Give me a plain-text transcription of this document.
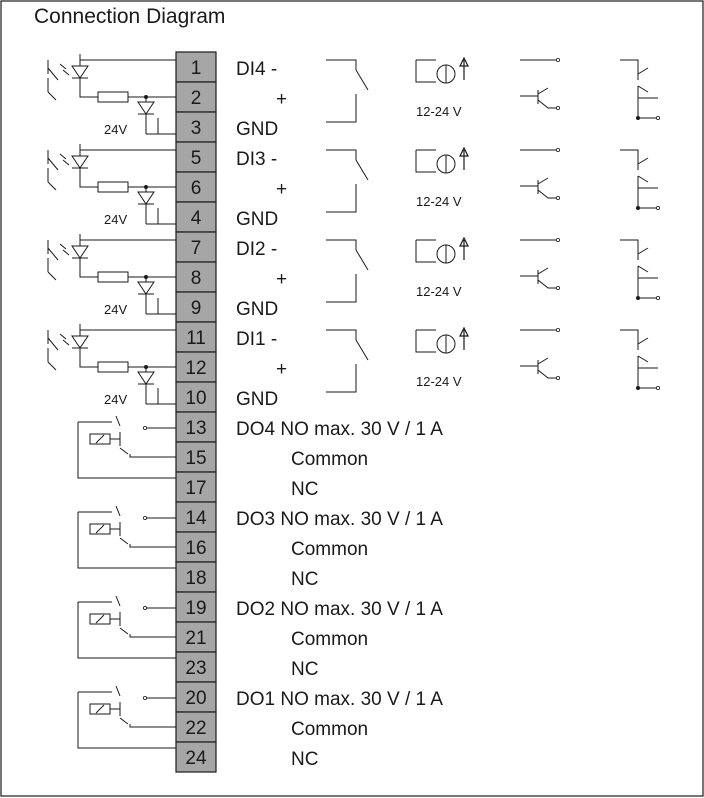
1
2
3
5
6
4
7
8
9
11
12
10
13
15
17
14
16
18
19
21
23
20
22
24
DI4 -
+
GND
24V
12-24 V
DI3 -
+
GND
24V
12-24 V
DI2 -
+
GND
24V
12-24 V
DI1 -
+
GND
24V
12-24 V
DO4 NO max. 30 V / 1 A
Common
NC
DO3 NO max. 30 V / 1 A
Common
NC
DO2 NO max. 30 V / 1 A
Common
NC
DO1 NO max. 30 V / 1 A
Common
NC
Connection Diagram
